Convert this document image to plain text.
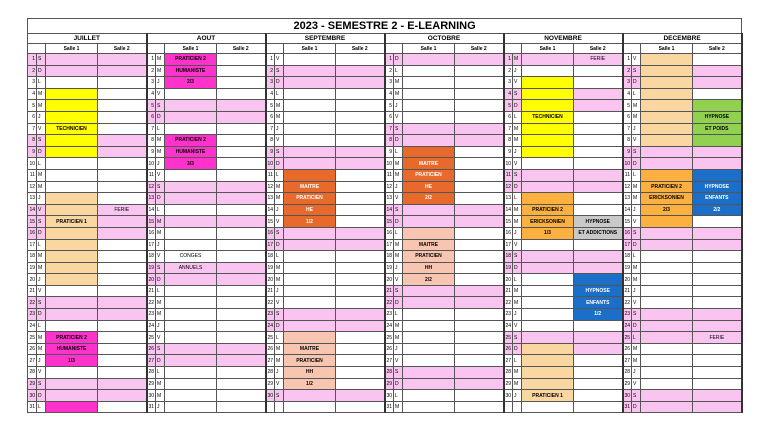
2023 - SEMESTRE 2 - E-LEARNING																							
JUILLET				AOUT				SEPTEMBRE				OCTOBRE				NOVEMBRE				DECEMBRE			
		Salle 1	Salle 2			Salle 1	Salle 2			Salle 1	Salle 2			Salle 1	Salle 2			Salle 1	Salle 2			Salle 1	Salle 2
1	S			1	M	PRATICIEN 2		1	V			1	D			1	M		FERIE	1	V		
2	D			2	M	HUMANISTE		2	S			2	L			2	J			2	S		
3	L			3	J	2/3		3	D			3	M			3	V			3	D		
4	M			4	V			4	L			4	M			4	S			4	L		
5	M			5	S			5	M			5	J			5	D			5	M		
6	J			6	D			6	M			6	V			6	L	TECHNICIEN		6	M		HYPNOSE
7	V	TECHNICIEN		7	L			7	J			7	S			7	M			7	J		ET POIDS
8	S			8	M	PRATICIEN 2		8	V			8	D			8	M			8	V		
9	D			9	M	HUMANISTE		9	S			9	L			9	J			9	S		
10	L			10	J	3/3		10	D			10	M	MAITRE		10	V			10	D		
11	M			11	V			11	L			11	M	PRATICIEN		11	S			11	L		
12	M			12	S			12	M	MAITRE		12	J	HE		12	D			12	M	PRATICIEN 2	HYPNOSE
13	J			13	D			13	M	PRATICIEN		13	V	2/2		13	L			13	M	ERICKSONIEN	ENFANTS
14	V		FERIE	14	L			14	J	HE		14	S			14	M	PRATICIEN 2		14	J	2/3	2/2
15	S	PRATICIEN 1		15	M			15	V	1/2		15	D			15	M	ERICKSONIEN	HYPNOSE	15	V		
16	D			16	M			16	S			16	L			16	J	1/3	ET ADDICTIONS	16	S		
17	L			17	J			17	D			17	M	MAITRE		17	V			17	D		
18	M			18	V	CONGES		18	L			18	M	PRATICIEN		18	S			18	L		
19	M			19	S	ANNUELS		19	M			19	J	HH		19	D			19	M		
20	J			20	D			20	M			20	V	2/2		20	L			20	M		
21	V			21	L			21	J			21	S			21	M		HYPNOSE	21	J		
22	S			22	M			22	V			22	D			22	M		ENFANTS	22	V		
23	D			23	M			23	S			23	L			23	J		1/2	23	S		
24	L			24	J			24	D			24	M			24	V			24	D		
25	M	PRATICIEN 2		25	V			25	L			25	M			25	S			25	L		FERIE
26	M	HUMANISTE		26	S			26	M	MAITRE		26	J			26	D			26	M		
27	J	1/3		27	D			27	M	PRATICIEN		27	V			27	L			27	M		
28	V			28	L			28	J	HH		28	S			28	M			28	J		
29	S			29	M			29	V	1/2		29	D			29	M			29	V		
30	D			30	M			30	S			30	L			30	J	PRATICIEN 1		30	S		
31	L			31	J							31	M							31	D		
